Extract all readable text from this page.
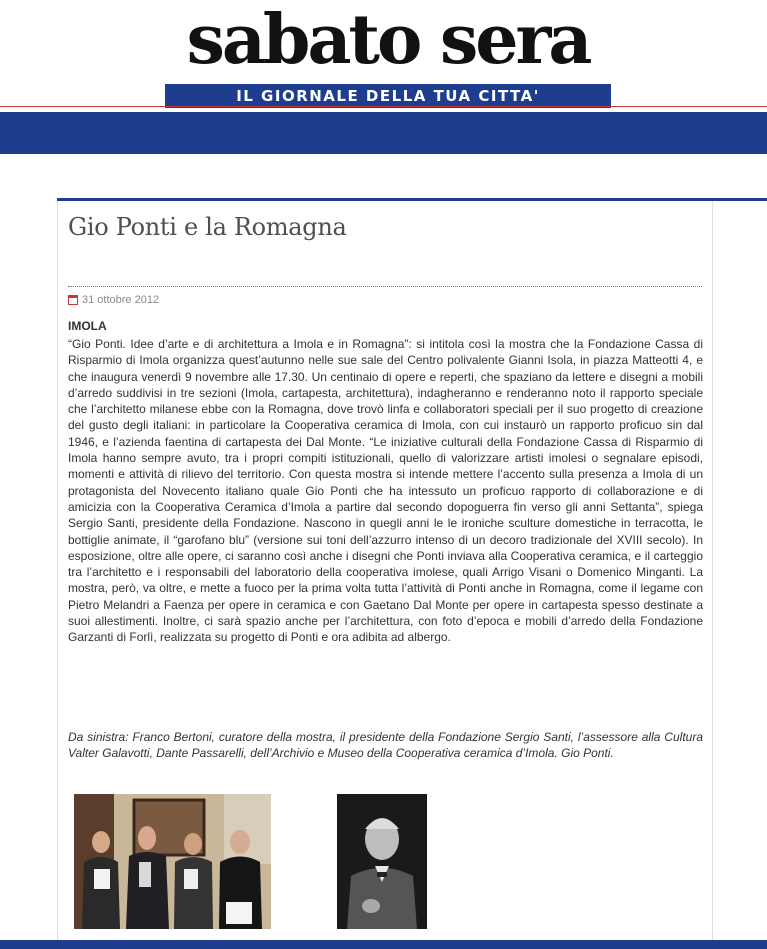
sabato sera
IL GIORNALE DELLA TUA CITTA'
Gio Ponti e la Romagna
31 ottobre 2012
IMOLA

“Gio Ponti. Idee d’arte e di architettura a Imola e in Romagna”: si intitola così la mostra che la Fondazione Cassa di Risparmio di Imola organizza quest’autunno nelle sue sale del Centro polivalente Gianni Isola, in piazza Matteotti 4, e che inaugura venerdì 9 novembre alle 17.30. Un centinaio di opere e reperti, che spaziano da lettere e disegni a mobili d’arredo suddivisi in tre sezioni (Imola, cartapesta, architettura), indagheranno e renderanno noto il rapporto speciale che l’architetto milanese ebbe con la Romagna, dove trovò linfa e collaboratori speciali per il suo progetto di creazione del gusto degli italiani: in particolare la Cooperativa ceramica di Imola, con cui instaurò un rapporto proficuo sin dal 1946, e l’azienda faentina di cartapesta dei Dal Monte. “Le iniziative culturali della Fondazione Cassa di Risparmio di Imola hanno sempre avuto, tra i propri compiti istituzionali, quello di valorizzare artisti imolesi o segnalare episodi, momenti e attività di rilievo del territorio. Con questa mostra si intende mettere l’accento sulla presenza a Imola di un protagonista del Novecento italiano quale Gio Ponti che ha intessuto un proficuo rapporto di collaborazione e di amicizia con la Cooperativa Ceramica d’Imola a partire dal secondo dopoguerra fin verso gli anni Settanta”, spiega Sergio Santi, presidente della Fondazione. Nascono in quegli anni le le ironiche sculture domestiche in terracotta, le bottiglie animate, il “garofano blu” (versione sui toni dell’azzurro intenso di un decoro tradizionale del XVIII secolo). In esposizione, oltre alle opere, ci saranno così anche i disegni che Ponti inviava alla Cooperativa ceramica, e il carteggio tra l’architetto e i responsabili del laboratorio della cooperativa imolese, quali Arrigo Visani o Domenico Minganti. La mostra, però, va oltre, e mette a fuoco per la prima volta tutta l’attività di Ponti anche in Romagna, come il legame con Pietro Melandri a Faenza per opere in ceramica e con Gaetano Dal Monte per opere in cartapesta spesso destinate a suoi allestimenti. Inoltre, ci sarà spazio anche per l’architettura, con foto d’epoca e mobili d’arredo della Fondazione Garzanti di Forlì, realizzata su progetto di Ponti e ora adibita ad albergo.

Da sinistra: Franco Bertoni, curatore della mostra, il presidente della Fondazione Sergio Santi, l’assessore alla Cultura Valter Galavotti, Dante Passarelli, dell’Archivio e Museo della Cooperativa ceramica d’Imola. Gio Ponti.
